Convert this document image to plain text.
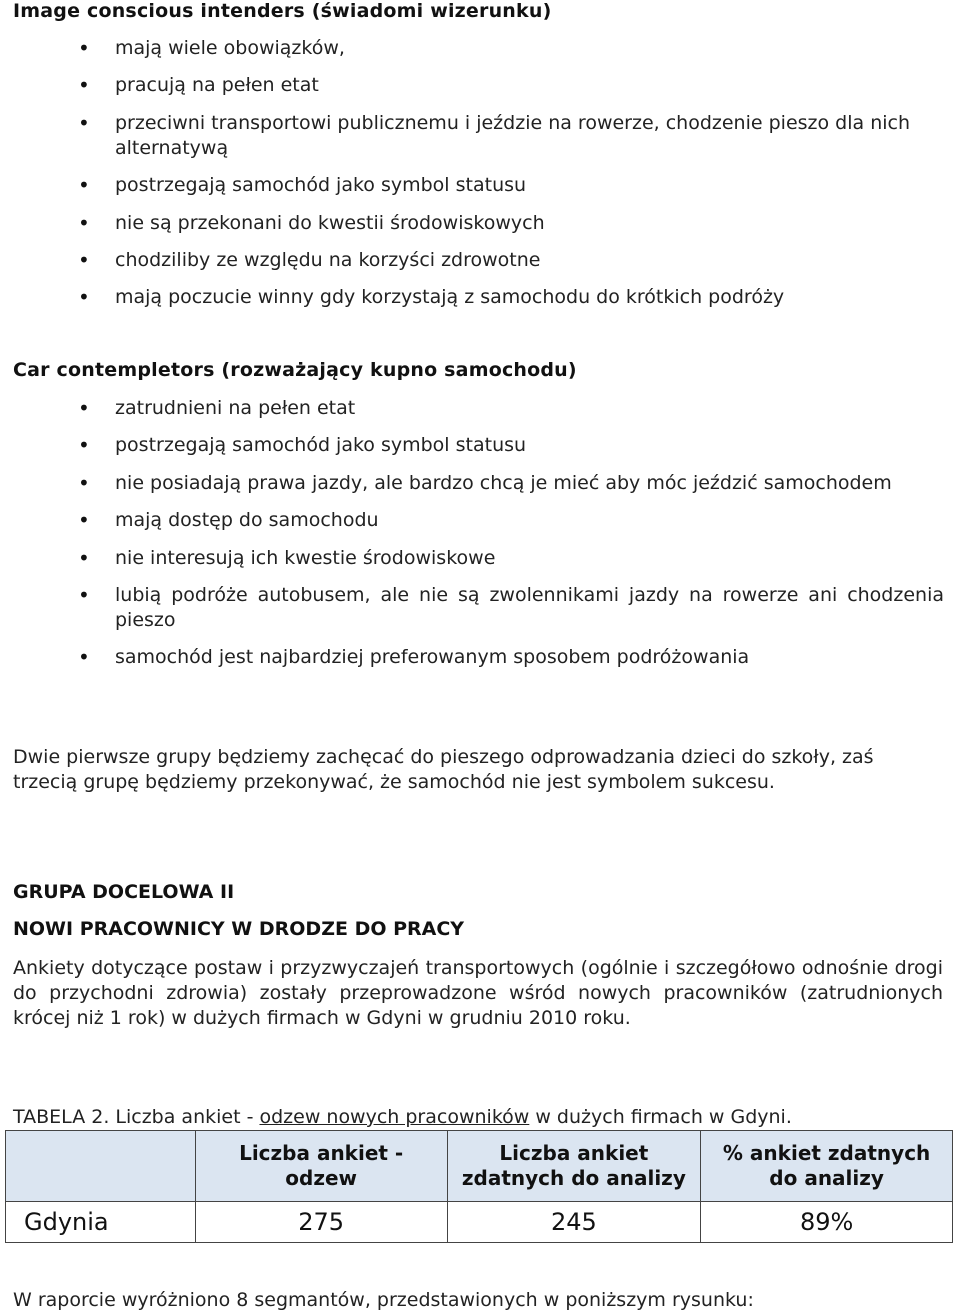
Image conscious intenders (świadomi wizerunku)
• mają wiele obowiązków,
• pracują na pełen etat
• przeciwni transportowi publicznemu i jeździe na rowerze, chodzenie pieszo dla nich alternatywą
• postrzegają samochód jako symbol statusu
• nie są przekonani do kwestii środowiskowych
• chodziliby ze względu na korzyści zdrowotne
• mają poczucie winny gdy korzystają z samochodu do krótkich podróży
Car contempletors (rozważający kupno samochodu)
• zatrudnieni na pełen etat
• postrzegają samochód jako symbol statusu
• nie posiadają prawa jazdy, ale bardzo chcą je mieć aby móc jeździć samochodem
• mają dostęp do samochodu
• nie interesują ich kwestie środowiskowe
• lubią podróże autobusem, ale nie są zwolennikami jazdy na rowerze ani chodzenia pieszo
• samochód jest najbardziej preferowanym sposobem podróżowania

Dwie pierwsze grupy będziemy zachęcać do pieszego odprowadzania dzieci do szkoły, zaś trzecią grupę będziemy przekonywać, że samochód nie jest symbolem sukcesu.

GRUPA DOCELOWA II

NOWI PRACOWNICY W DRODZE DO PRACY

Ankiety dotyczące postaw i przyzwyczajeń transportowych (ogólnie i szczegółowo odnośnie drogi do przychodni zdrowia) zostały przeprowadzone wśród nowych pracowników (zatrudnionych krócej niż 1 rok) w dużych firmach w Gdyni w grudniu 2010 roku.

TABELA 2. Liczba ankiet - odzew nowych pracowników w dużych firmach w Gdyni.

	Liczba ankiet - odzew	Liczba ankiet zdatnych do analizy	% ankiet zdatnych do analizy
Gdynia	275	245	89%

W raporcie wyróżniono 8 segmantów, przedstawionych w poniższym rysunku:
